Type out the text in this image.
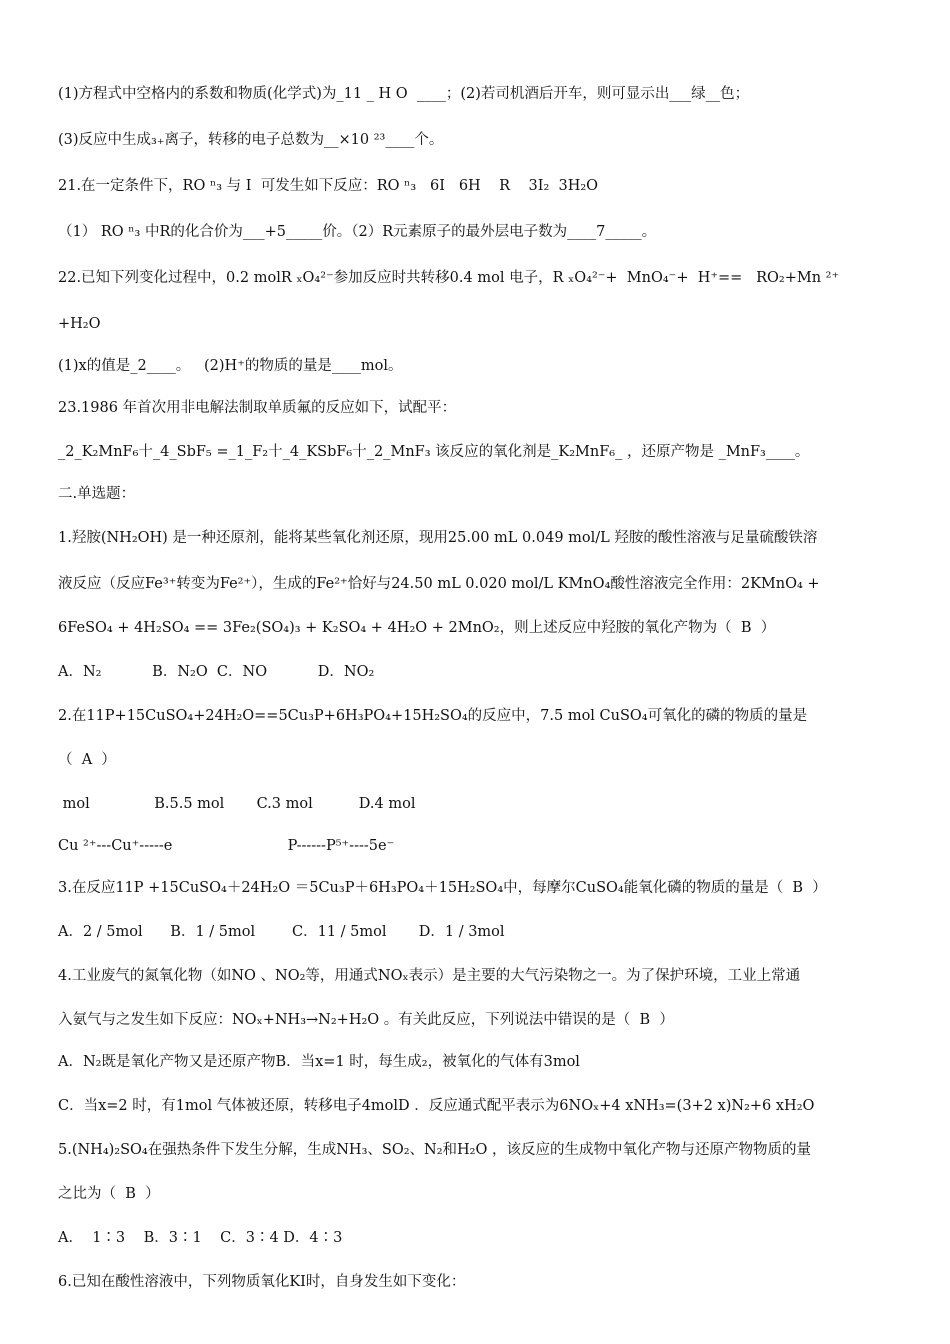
(1)方程式中空格内的系数和物质(化学式)为_11 _ H O  ____；(2)若司机酒后开车，则可显示出___绿__色；
(3)反应中生成₃₊离子，转移的电子总数为__×10 ²³____个。
21.在一定条件下，RO ⁿ₃ 与 I  可发生如下反应：RO ⁿ₃   6I   6H    R    3I₂  3H₂O
（1） RO ⁿ₃ 中R的化合价为___+5_____价。（2）R元素原子的最外层电子数为____7_____。
22.已知下列变化过程中，0.2 molR ₓO₄²⁻参加反应时共转移0.4 mol 电子，R ₓO₄²⁻+  MnO₄⁻+  H⁺==   RO₂+Mn ²⁺
+H₂O
(1)x的值是_2____。   (2)H⁺的物质的量是____mol。
23.1986 年首次用非电解法制取单质氟的反应如下，试配平：
_2_K₂MnF₆十_4_SbF₅ =_1_F₂十_4_KSbF₆十_2_MnF₃ 该反应的氧化剂是_K₂MnF₆_ ，还原产物是 _MnF₃____。
二.单选题：
1.羟胺(NH₂OH) 是一种还原剂，能将某些氧化剂还原，现用25.00 mL 0.049 mol/L 羟胺的酸性溶液与足量硫酸铁溶
液反应（反应Fe³⁺转变为Fe²⁺），生成的Fe²⁺恰好与24.50 mL 0.020 mol/L KMnO₄酸性溶液完全作用：2KMnO₄ +
6FeSO₄ + 4H₂SO₄ == 3Fe₂(SO₄)₃ + K₂SO₄ + 4H₂O + 2MnO₂，则上述反应中羟胺的氧化产物为（  B  ）
A．N₂           B．N₂O  C．NO           D．NO₂
2.在11P+15CuSO₄+24H₂O==5Cu₃P+6H₃PO₄+15H₂SO₄的反应中，7.5 mol CuSO₄可氧化的磷的物质的量是
（  A  ）
mol              B.5.5 mol       C.3 mol          D.4 mol
Cu ²⁺---Cu⁺-----e                         P------P⁵⁺----5e⁻
3.在反应11P +15CuSO₄＋24H₂O ＝5Cu₃P＋6H₃PO₄＋15H₂SO₄中，每摩尔CuSO₄能氧化磷的物质的量是（  B  ）
A．2 / 5mol      B．1 / 5mol        C．11 / 5mol       D．1 / 3mol
4.工业废气的氮氧化物（如NO 、NO₂等，用通式NOₓ表示）是主要的大气污染物之一。为了保护环境，工业上常通
入氨气与之发生如下反应：NOₓ+NH₃→N₂+H₂O 。有关此反应，下列说法中错误的是（  B  ）
A．N₂既是氧化产物又是还原产物B．当x=1 时，每生成₂，被氧化的气体有3mol
C．当x=2 时，有1mol 气体被还原，转移电子4molD ．反应通式配平表示为6NOₓ+4 xNH₃=(3+2 x)N₂+6 xH₂O
5.(NH₄)₂SO₄在强热条件下发生分解，生成NH₃、SO₂、N₂和H₂O ，该反应的生成物中氧化产物与还原产物物质的量
之比为（  B  ）
A．  1∶3    B．3∶1    C．3∶4 D．4∶3
6.已知在酸性溶液中，下列物质氧化KI时，自身发生如下变化：
